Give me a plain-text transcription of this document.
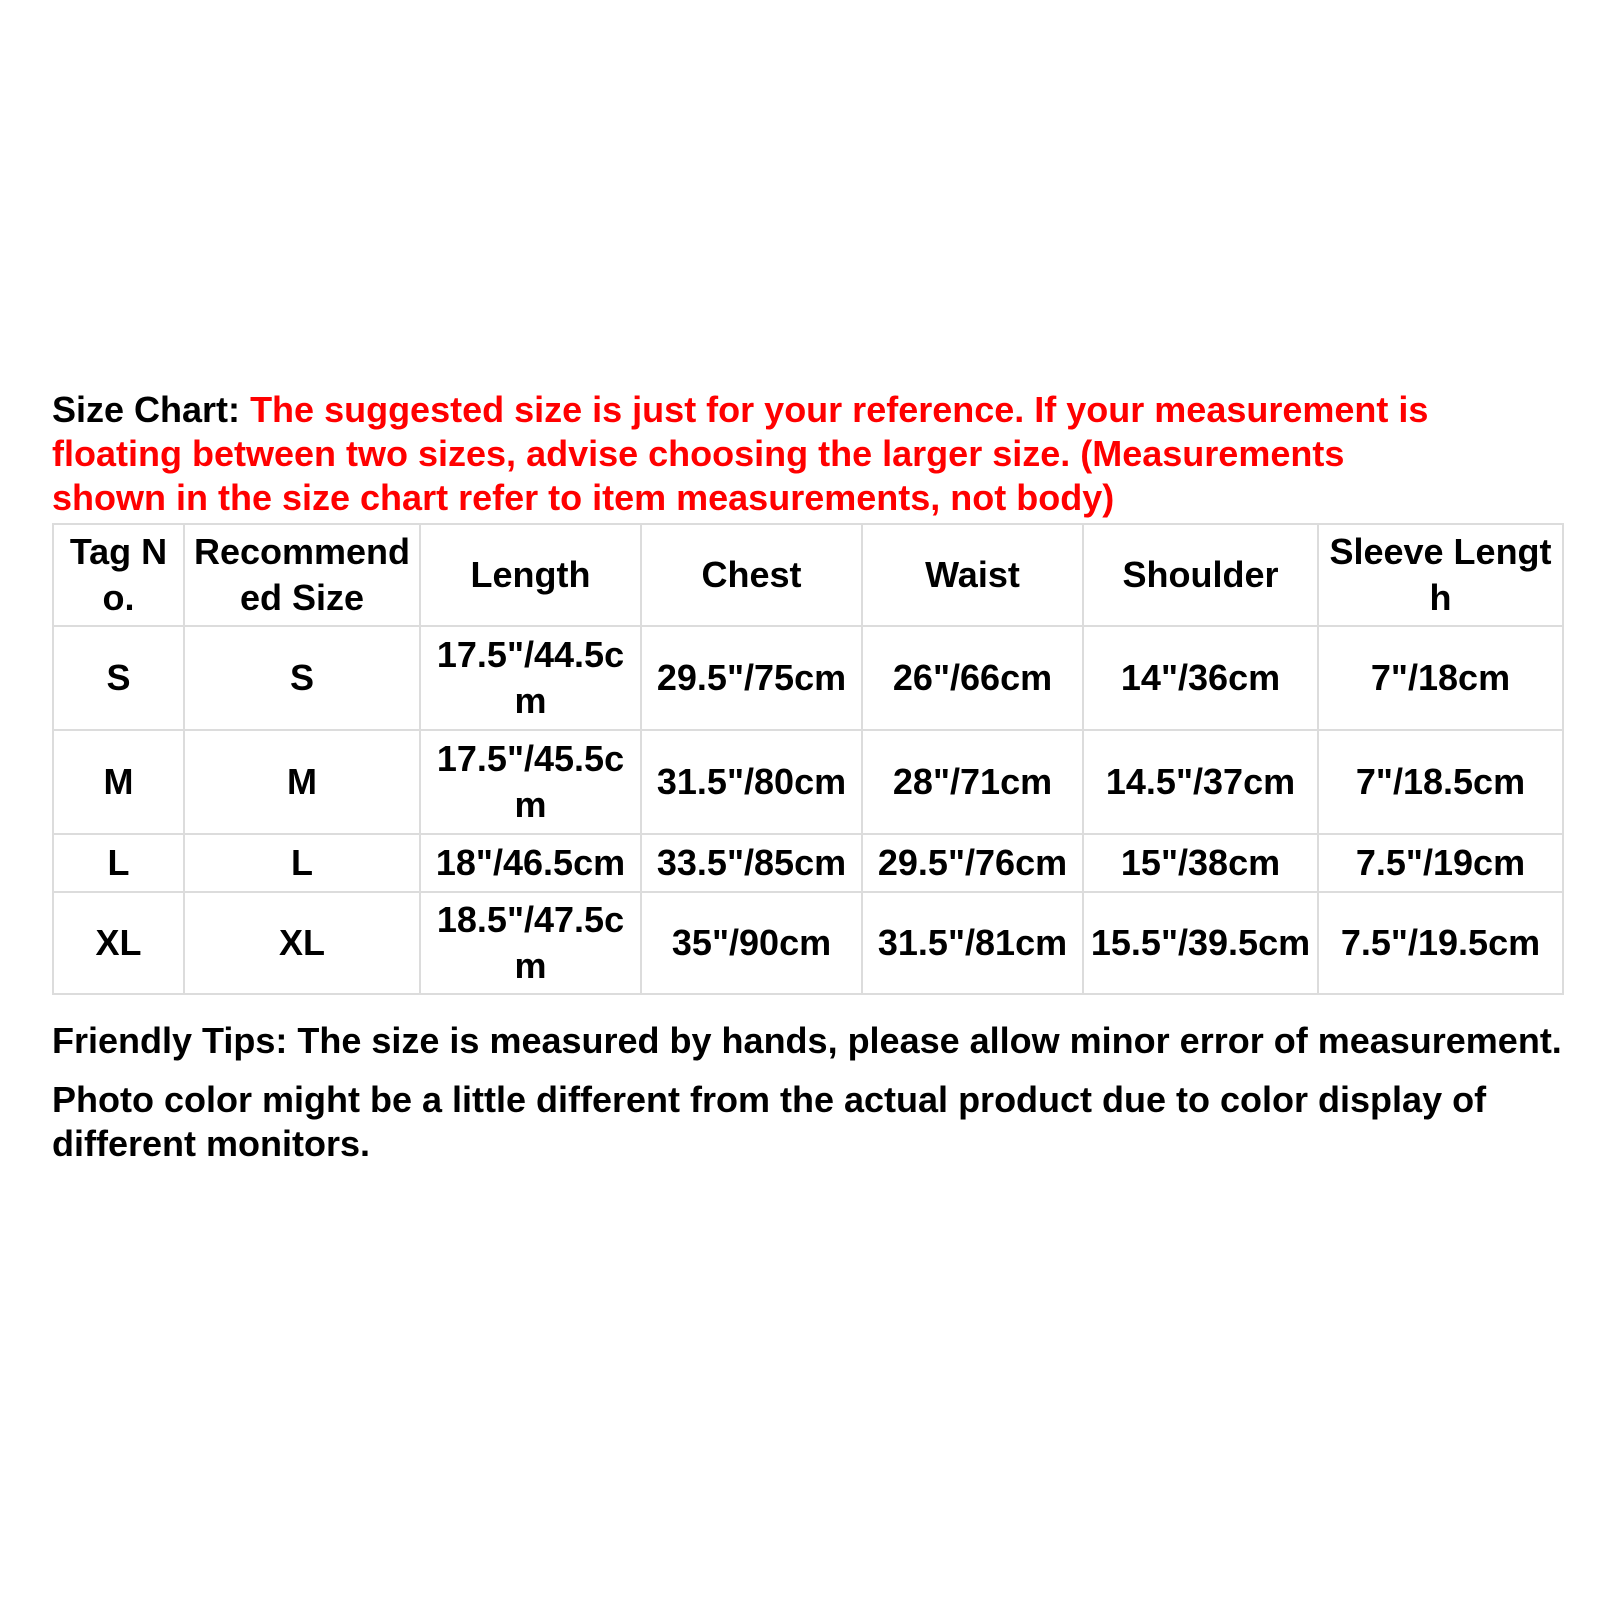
Size Chart: The suggested size is just for your reference. If your measurement is
floating between two sizes, advise choosing the larger size. (Measurements
shown in the size chart refer to item measurements, not body)
Tag No.	Recommended Size	Length	Chest	Waist	Shoulder	Sleeve Length
S	S	17.5"/44.5cm	29.5"/75cm	26"/66cm	14"/36cm	7"/18cm
M	M	17.5"/45.5cm	31.5"/80cm	28"/71cm	14.5"/37cm	7"/18.5cm
L	L	18"/46.5cm	33.5"/85cm	29.5"/76cm	15"/38cm	7.5"/19cm
XL	XL	18.5"/47.5cm	35"/90cm	31.5"/81cm	15.5"/39.5cm	7.5"/19.5cm

Friendly Tips: The size is measured by hands, please allow minor error of measurement.

Photo color might be a little different from the actual product due to color display of different monitors.
